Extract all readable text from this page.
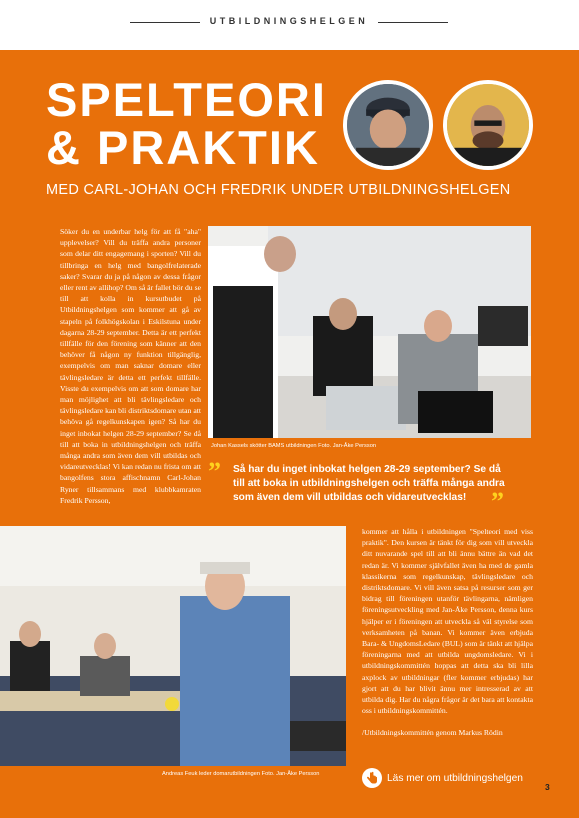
UTBILDNINGSHELGEN
SPELTEORI
& PRAKTIK
MED CARL-JOHAN OCH FREDRIK UNDER UTBILDNINGSHELGEN
Söker du en underbar helg för att få "aha" upplevelser? Vill du träffa andra personer som delar ditt engagemang i sporten? Vill du tillbringa en helg med bangolfrelaterade saker? Svarar du ja på någon av dessa frågor eller rent av allihop? Om så är fallet bör du se till att kolla in kursutbudet på Utbildningshelgen som kommer att gå av stapeln på folkhögskolan i Eskilstuna under dagarna 28-29 september. Detta är ett perfekt tillfälle för den förening som känner att den behöver få någon ny funktion tillgänglig, exempelvis om man saknar domare eller tävlingsledare är detta ett perfekt tillfälle. Visste du exempelvis om att som domare har man möjlighet att bli tävlingsledare och tävlingsledare kan bli distriktsdomare utan att behöva gå regelkunskapen igen? Så har du inget inbokat helgen 28-29 september? Se då till att boka in utbildningshelgen och träffa många andra som även dem vill utbildas och vidareutvecklas! Vi kan redan nu frista om att bangolfens stora affischnamn Carl-Johan Ryner tillsammans med klubbkamraten Fredrik Persson,
Johan Kassels skötter BAMS utbildningen Foto. Jan-Åke Persson
” Så har du inget inbokat helgen 28-29 september? Se då till att boka in utbildningshelgen och träffa många andra som även dem vill utbildas och vidareutvecklas! ”
Andreas Feuk leder domarutbildningen Foto. Jan-Åke Persson
kommer att hålla i utbildningen "Spelteori med viss praktik". Den kursen är tänkt för dig som vill utveckla ditt nuvarande spel till att bli ännu bättre än vad det redan är. Vi kommer självfallet även ha med de gamla klassikerna som regelkunskap, tävlingsledare och distriktsdomare. Vi vill även satsa på resurser som ger bidrag till föreningen utanför tävlingarna, nämligen föreningsutveckling med Jan-Åke Persson, denna kurs hjälper er i föreningen att utveckla så väl styrelse som verksamheten på banan. Vi kommer även erbjuda Bara- & UngdomsLedare (BUL) som är tänkt att hjälpa föreningarna med att utbilda ungdomsledare. Vi i utbildningskommittén hoppas att detta ska bli lilla axplock av utbildningar (fler kommer erbjudas) har gjort att du har blivit ännu mer intresserad av att utbilda dig. Har du några frågor är det bara att kontakta oss i utbildningskommittén.
/Utbildningskommittén genom Markus Rödin
Läs mer om utbildningshelgen
3
